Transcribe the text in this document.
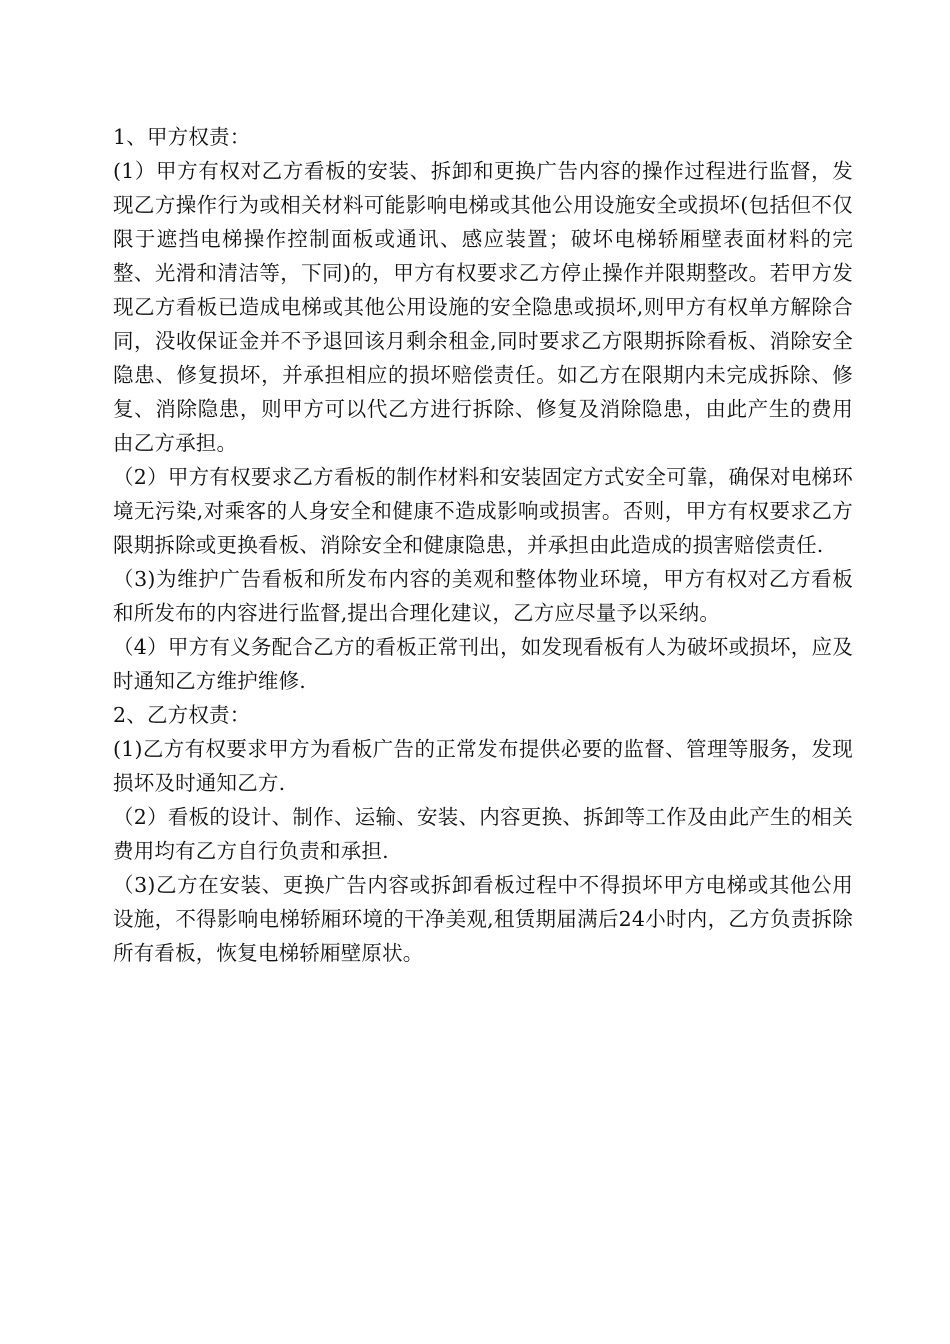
1、甲方权责：

(1）甲方有权对乙方看板的安装、拆卸和更换广告内容的操作过程进行监督，发现乙方操作行为或相关材料可能影响电梯或其他公用设施安全或损坏(包括但不仅限于遮挡电梯操作控制面板或通讯、感应装置；破坏电梯轿厢壁表面材料的完整、光滑和清洁等，下同)的，甲方有权要求乙方停止操作并限期整改。若甲方发现乙方看板已造成电梯或其他公用设施的安全隐患或损坏,则甲方有权单方解除合同，没收保证金并不予退回该月剩余租金,同时要求乙方限期拆除看板、消除安全隐患、修复损坏，并承担相应的损坏赔偿责任。如乙方在限期内未完成拆除、修复、消除隐患，则甲方可以代乙方进行拆除、修复及消除隐患，由此产生的费用由乙方承担。

（2）甲方有权要求乙方看板的制作材料和安装固定方式安全可靠，确保对电梯环境无污染,对乘客的人身安全和健康不造成影响或损害。否则，甲方有权要求乙方限期拆除或更换看板、消除安全和健康隐患，并承担由此造成的损害赔偿责任.

（3)为维护广告看板和所发布内容的美观和整体物业环境，甲方有权对乙方看板和所发布的内容进行监督,提出合理化建议，乙方应尽量予以采纳。

（4）甲方有义务配合乙方的看板正常刊出，如发现看板有人为破坏或损坏，应及时通知乙方维护维修.

2、乙方权责：

(1)乙方有权要求甲方为看板广告的正常发布提供必要的监督、管理等服务，发现损坏及时通知乙方.

（2）看板的设计、制作、运输、安装、内容更换、拆卸等工作及由此产生的相关费用均有乙方自行负责和承担.

（3)乙方在安装、更换广告内容或拆卸看板过程中不得损坏甲方电梯或其他公用设施，不得影响电梯轿厢环境的干净美观,租赁期届满后24小时内，乙方负责拆除所有看板，恢复电梯轿厢壁原状。
